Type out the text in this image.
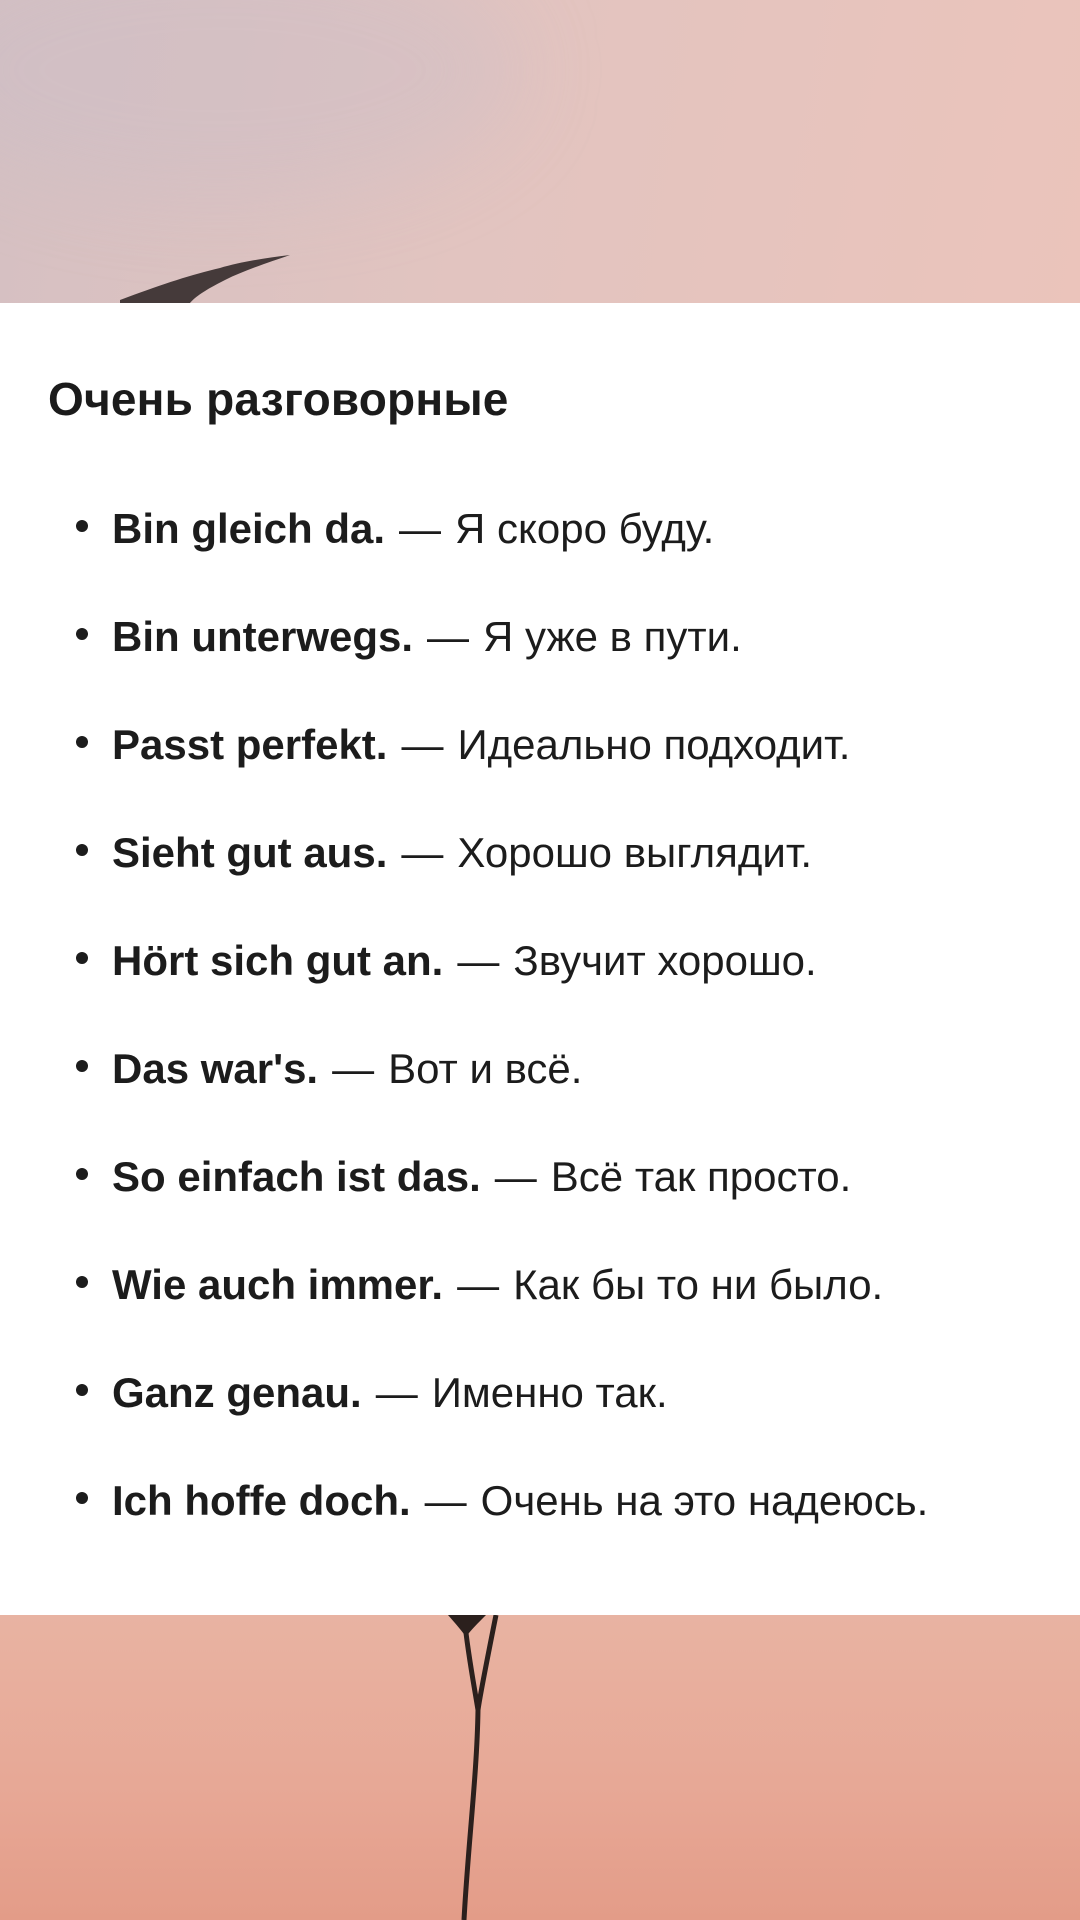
Очень разговорные
Bin gleich da. — Я скоро буду.
Bin unterwegs. — Я уже в пути.
Passt perfekt. — Идеально подходит.
Sieht gut aus. — Хорошо выглядит.
Hört sich gut an. — Звучит хорошо.
Das war's. — Вот и всё.
So einfach ist das. — Всё так просто.
Wie auch immer. — Как бы то ни было.
Ganz genau. — Именно так.
Ich hoffe doch. — Очень на это надеюсь.
